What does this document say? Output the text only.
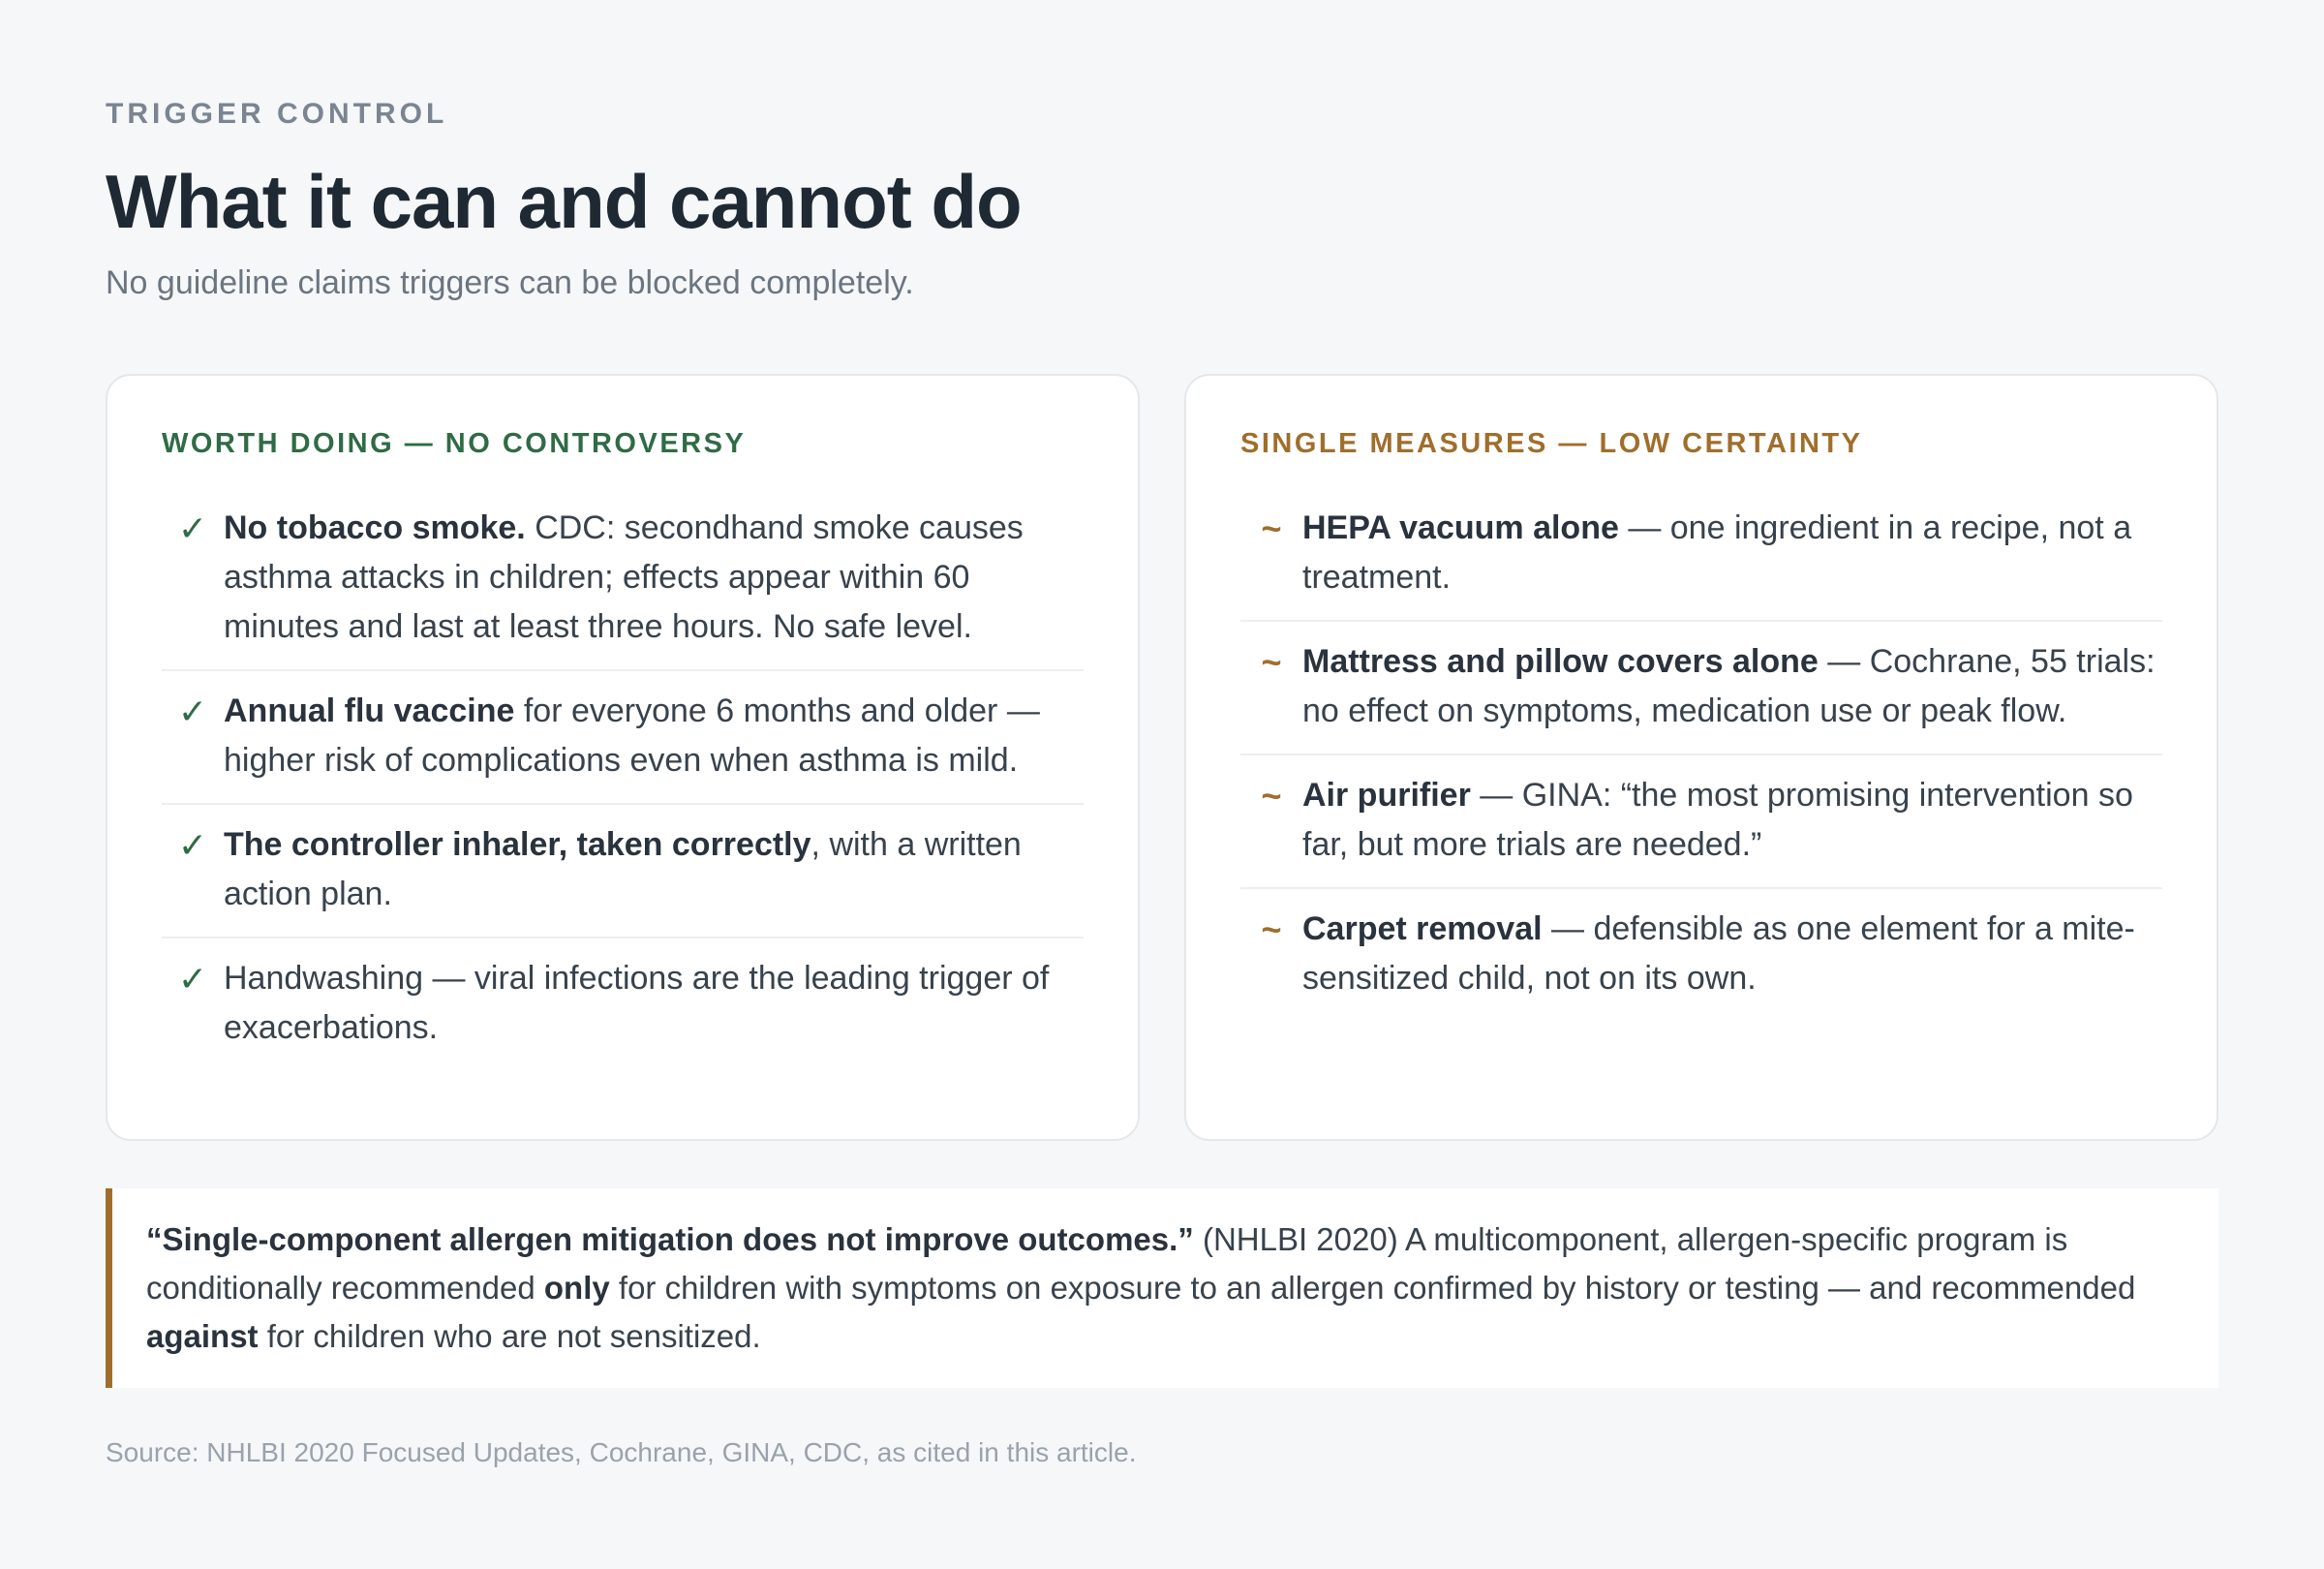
TRIGGER CONTROL

What it can and cannot do

No guideline claims triggers can be blocked completely.

WORTH DOING — NO CONTROVERSY
✓ No tobacco smoke. CDC: secondhand smoke causes asthma attacks in children; effects appear within 60 minutes and last at least three hours. No safe level.
✓ Annual flu vaccine for everyone 6 months and older — higher risk of complications even when asthma is mild.
✓ The controller inhaler, taken correctly, with a written action plan.
✓ Handwashing — viral infections are the leading trigger of exacerbations.
SINGLE MEASURES — LOW CERTAINTY
~ HEPA vacuum alone — one ingredient in a recipe, not a treatment.
~ Mattress and pillow covers alone — Cochrane, 55 trials: no effect on symptoms, medication use or peak flow.
~ Air purifier — GINA: “the most promising intervention so far, but more trials are needed.”
~ Carpet removal — defensible as one element for a mite-sensitized child, not on its own.
“Single-component allergen mitigation does not improve outcomes.” (NHLBI 2020) A multicomponent, allergen-specific program is conditionally recommended only for children with symptoms on exposure to an allergen confirmed by history or testing — and recommended against for children who are not sensitized.
Source: NHLBI 2020 Focused Updates, Cochrane, GINA, CDC, as cited in this article.
